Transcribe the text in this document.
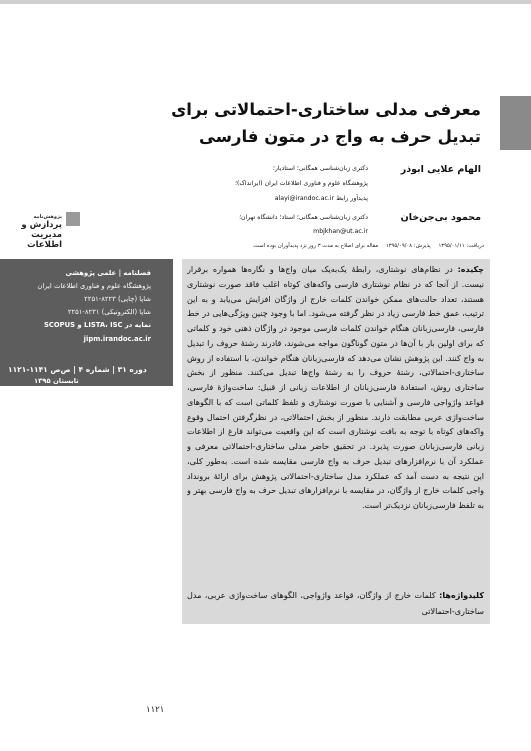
معرفی مدلی ساختاری-احتمالاتی برای
تبدیل حرف به واج در متون فارسی
الهام علایی ابوذر
دکتری زبان‌شناسی همگانی؛ استادیار؛
پژوهشگاه علوم و فناوری اطلاعات ایران (ایرانداک)؛
پدیدآور رابط alayi@irandoc.ac.ir
محمود بی‌جن‌خان
دکتری زبان‌شناسی همگانی؛ استاد؛ دانشگاه تهران؛
mbjkhan@ut.ac.ir
پژوهش‌نامه
پردازش و
مدیریت
اطلاعات	دریافت: ۱۳۹۵/۰۱/۱۱ پذیرش: ۱۳۹۵/۰۹/۰۸ مقاله برای اصلاح به مدت ۳ روز نزد پدیدآوران بوده است.
فصلنامه | علمی پژوهشی
پژوهشگاه علوم و فناوری اطلاعات ایران
شاپا (چاپی) ۸۲۲۳-۲۲۵۱
شاپا (الکترونیکی) ۸۲۳۱-۲۲۵۱
نمایه در LISTA، ISC و SCOPUS
jipm.irandoc.ac.ir
دوره ۳۱ | شماره ۴ | ص‌ص ۱۱۴۱-۱۱۲۱
تابستان ۱۳۹۵
چکیده: در نظام‌های نوشتاری، رابطهٔ یک‌به‌یک میان واج‌ها و نگاره‌ها همواره برقرار نیست. از آنجا که در نظام نوشتاری فارسی واکه‌های کوتاه اغلب فاقد صورت نوشتاری هستند، تعداد حالت‌های ممکن خواندن کلمات خارج از واژگان افزایش می‌یابد و به این ترتیب، عمق خط فارسی زیاد در نظر گرفته می‌شود. اما با وجود چنین ویژگی‌هایی در خط فارسی، فارسی‌زبانان هنگام خواندن کلمات فارسی موجود در واژگان ذهنی خود و کلماتی که برای اولین بار با آن‌ها در متون گوناگون مواجه می‌شوند، قادرند رشتهٔ حروف را تبدیل به واج کنند. این پژوهش نشان می‌دهد که فارسی‌زبانان هنگام خواندن، با استفاده از روش ساختاری-احتمالاتی، رشتهٔ حروف را به رشتهٔ واج‌ها تبدیل می‌کنند. منظور از بخش ساختاری روش، استفادهٔ فارسی‌زبانان از اطلاعات زبانی از قبیل: ساخت‌واژهٔ فارسی، قواعد واژواجی فارسی و آشنایی با صورت نوشتاری و تلفظ کلماتی است که با الگوهای ساخت‌واژی عربی مطابقت دارند. منظور از بخش احتمالاتی، در نظرگرفتن احتمال وقوع واکه‌های کوتاه با توجه به بافت نوشتاری است که این واقعیت می‌تواند فارغ از اطلاعات زبانی فارسی‌زبانان صورت پذیرد. در تحقیق حاضر مدلی ساختاری-احتمالاتی معرفی و عملکرد آن با نرم‌افزارهای تبدیل حرف به واج فارسی مقایسه شده است. به‌طور کلی، این نتیجه به دست آمد که عملکرد مدل ساختاری-احتمالاتی پژوهش برای ارائهٔ برونداد واجی کلمات خارج از واژگان، در مقایسه با نرم‌افزارهای تبدیل حرف به واج فارسی بهتر و به تلفظ فارسی‌زبانان نزدیک‌تر است.
کلیدواژه‌ها: کلمات خارج از واژگان، قواعد واژواجی، الگوهای ساخت‌واژی عربی، مدل ساختاری-احتمالاتی
۱۱۲۱
